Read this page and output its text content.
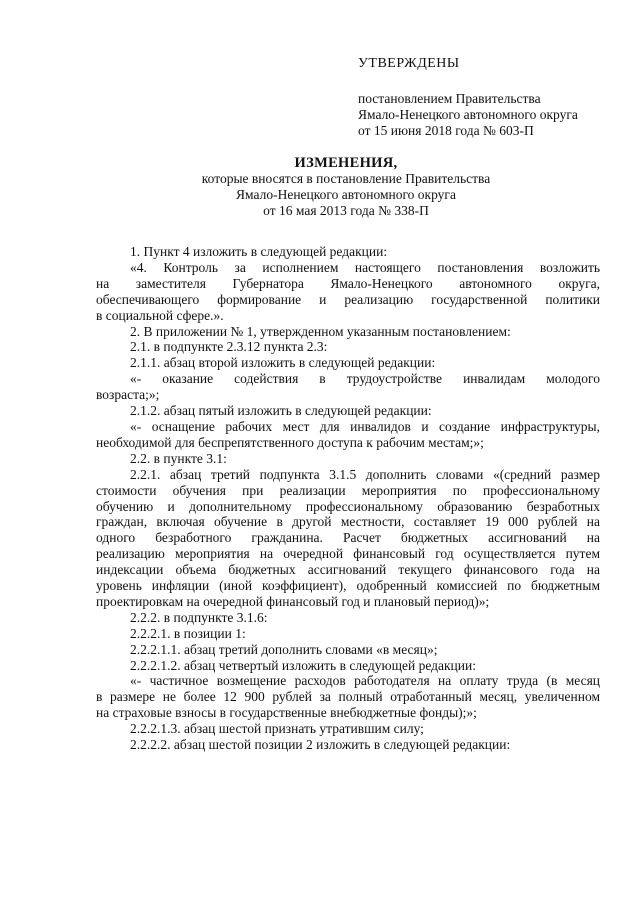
УТВЕРЖДЕНЫ
постановлением Правительства
Ямало-Ненецкого автономного округа
от 15 июня 2018 года № 603-П
ИЗМЕНЕНИЯ,
которые вносятся в постановление Правительства
Ямало-Ненецкого автономного округа
от 16 мая 2013 года № 338-П

1. Пункт 4 изложить в следующей редакции:

«4. Контроль за исполнением настоящего постановления возложить

на заместителя Губернатора Ямало-Ненецкого автономного округа,

обеспечивающего формирование и реализацию государственной политики

в социальной сфере.».

2. В приложении № 1, утвержденном указанным постановлением:

2.1. в подпункте 2.3.12 пункта 2.3:

2.1.1. абзац второй изложить в следующей редакции:

«- оказание содействия в трудоустройстве инвалидам молодого

возраста;»;

2.1.2. абзац пятый изложить в следующей редакции:

«- оснащение рабочих мест для инвалидов и создание инфраструктуры,

необходимой для беспрепятственного доступа к рабочим местам;»;

2.2. в пункте 3.1:

2.2.1. абзац третий подпункта 3.1.5 дополнить словами «(средний размер

стоимости обучения при реализации мероприятия по профессиональному

обучению и дополнительному профессиональному образованию безработных

граждан, включая обучение в другой местности, составляет 19 000 рублей на

одного безработного гражданина. Расчет бюджетных ассигнований на

реализацию мероприятия на очередной финансовый год осуществляется путем

индексации объема бюджетных ассигнований текущего финансового года на

уровень инфляции (иной коэффициент), одобренный комиссией по бюджетным

проектировкам на очередной финансовый год и плановый период)»;

2.2.2. в подпункте 3.1.6:

2.2.2.1. в позиции 1:

2.2.2.1.1. абзац третий дополнить словами «в месяц»;

2.2.2.1.2. абзац четвертый изложить в следующей редакции:

«- частичное возмещение расходов работодателя на оплату труда (в месяц

в размере не более 12 900 рублей за полный отработанный месяц, увеличенном

на страховые взносы в государственные внебюджетные фонды);»;

2.2.2.1.3. абзац шестой признать утратившим силу;

2.2.2.2. абзац шестой позиции 2 изложить в следующей редакции:
